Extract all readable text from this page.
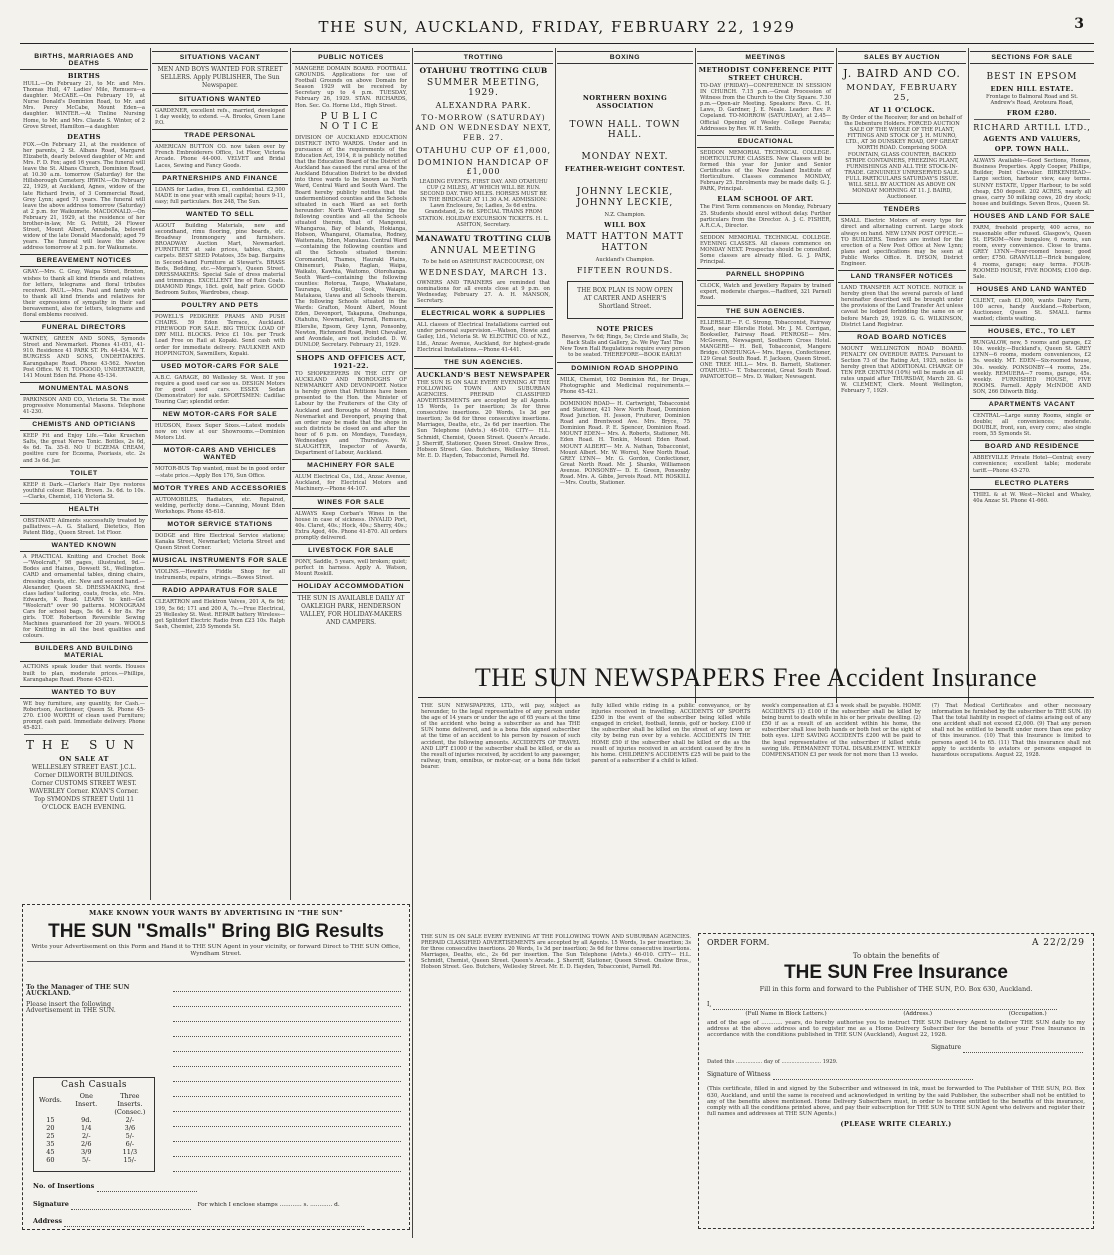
THE SUN, AUCKLAND, FRIDAY, FEBRUARY 22, 1929	3
BIRTHS, MARRIAGES AND DEATHS
BIRTHS
HULL.—On February 21, to Mr. and Mrs. Thomas Hull, 47 Ladies' Mile, Remuera—a daughter. McCABE.—On February 19, at Nurse Donald's Dominion Road, to Mr. and Mrs. Percy McCabe, Mount Eden—a daughter. WINTER.—At Tinline Nursing Home, to Mr. and Mrs. Claude S. Winter, of 2 Grove Street, Hamilton—a daughter.
DEATHS
FOX.—On February 21, at the residence of her parents, 2 St. Albans Road, Margaret Elizabeth, dearly beloved daughter of Mr. and Mrs. F. D. Fox; aged 16 years. The funeral will leave the St. Albans Church, Dominion Road, at 10.30 a.m. tomorrow (Saturday) for the Hillsborough Cemetery. IRWIN.—On February 22, 1929, at Auckland, Agnes, widow of the late Richard Irwin, of 3 Commercial Road, Grey Lynn; aged 71 years. The funeral will leave the above address tomorrow (Saturday) at 2 p.m. for Waikumete. MACDONALD.—On February 21, 1929, at the residence of her brother-in-law, Mr. G. Pettitt, 24 Flower Street, Mount Albert, Annabella, beloved widow of the late Donald Macdonald; aged 79 years. The funeral will leave the above address tomorrow at 2 p.m. for Waikumete.
BEREAVEMENT NOTICES
GRAY.—Mrs. C. Gray, Waipa Street, Brixton, wishes to thank all kind friends and relatives for letters, telegrams and floral tributes received. PAUL.—Mrs. Paul and family wish to thank all kind friends and relatives for their expressions of sympathy in their sad bereavement, also for letters, telegrams and floral emblems received.
FUNERAL DIRECTORS
WATNEY, GREEN AND SONS, Symonds Street and Newmarket. Phones 41-051, 41-910. Residence 41 PARK ST. Ph. 44-434. W. T. BURGESS AND SONS, UNDERTAKERS. Karangahape Road. Phone 43-562. Newton Post Office. W. H. TOOGOOD, UNDERTAKER, 141 Mount Eden Rd. Phone 45-134.
MONUMENTAL MASONS
PARKINSON AND CO., Victoria St. The most progressive Monumental Masons. Telephone 41-230.
CHEMISTS AND OPTICIANS
KEEP Fit and Enjoy Life.—Take Kruschen Salts, the great Nerve Tonic. Bottles, 2s 6d, 4s 6d. Ta. 35-8. NO U ECZEMA CREAM, positive cure for Eczema, Psoriasis, etc. 2s and 3s 6d. Jar.
TOILET
KEEP it Dark.—Clarke's Hair Dye restores youthful colour. Black, Brown. 3s. 6d. to 10s.—Clarks, Chemist, 116 Victoria St.
HEALTH
OBSTINATE Ailments successfully treated by palliatives.—A. G. Stallard, Dietetics, Hon Patent Bldg., Queen Street. 1st Floor.
WANTED KNOWN
A PRACTICAL Knitting and Crochet Book—"Woolcraft," 98 pages, illustrated, 9d.—Bodes and Haines, Dowsett St., Wellington. CARD and ornamental tables, dining chairs, dressing chests, etc. New and second hand.—Alexander, Queen St. DRESSMAKING, first class ladies' tailoring, coats, frocks, etc. Mrs. Edwards, K Road. LEARN to knit—Get "Woolcraft" over 90 patterns. MONOGRAM Cars for school bags, 5s 6d. 4 for 8s. For girls. TOE Robertson Reversible Sewing Machines guaranteed for 20 years. WOOLS for Knitting in all the best qualities and colours.
BUILDERS AND BUILDING MATERIAL
ACTIONS speak louder that words. Houses built to plan, moderate prices.—Phillips, Karangahape Road. Phone 45-821.
WANTED TO BUY
WE buy furniture, any quantity, for Cash.—Robertson, Auctioneer, Queen St. Phone 45-270. £100 WORTH of clean used Furniture; prompt cash paid. Immediate delivery. Phone 45-821.
THE SUN
ON SALE AT
WELLESLEY STREET EAST. J.C.L. Corner DILWORTH BUILDINGS. Corner CUSTOMS STREET WEST. WAVERLEY Corner. KYAN'S Corner. Top SYMONDS STREET Until 11 O'CLOCK EACH EVENING.
SITUATIONS VACANT
MEN AND BOYS WANTED FOR STREET SELLERS. Apply PUBLISHER, The Sun Newspaper.
SITUATIONS WANTED
GARDENER, excellent refs., married, developed 1 day weekly, to extend. —A. Brooks, Green Lane P.O.
TRADE PERSONAL
AMERICAN BUTTON CO. now taken over by French Embroiderers Office, 1st Floor, Victoria Arcade. Phone 44-000. VELVET and Bridal Laces, Sewing and Fancy Goods.
PARTNERSHIPS AND FINANCE
LOANS for Ladies, from £1, confidential. £2,500 MADE in one year with small capital; hours 9-11, easy; full particulars. Box 248, The Sun.
WANTED TO SELL
AGOUT Building Materials, new and secondhand, rimu flooring, pine boards, etc. Broadway Ironmongery and furnishers. BROADWAY Auction Mart, Newmarket. FURNITURE at sale prices, tables, chairs, carpets. BEST SEED Potatoes, 35s bag. Bargains in Second-hand Furniture at Stewart's. BRASS Beds, Bedding, etc.—Morgan's, Queen Street. DRESSMAKERS: Special Sale of dress material and trimmings. EXCELLENT line of Rain Coats. DIAMOND Rings, 18ct. gold, half price. GOOD Bedroom Suites, Wardrobes, cheap.
POULTRY AND PETS
POWELL'S PEDIGREE PRAMS AND PUSH CHAIRS. 59 Edon Terrace, Auckland. FIREWOOD FOR SALE. BIG TRUCK LOAD OF DRY MILL BLOCKS. Price £1 10s. per Truck Load Free on Rail at Kopaki. Send cash with order for immediate delivery. FAULKNER AND HOPPINGTON, Sawmillers, Kopaki.
USED MOTOR-CARS FOR SALE
A.B.C. GARAGE, 80 Wellesley St. West. If you require a good used car see us. DESIGN Motors for good used cars. ESSEX Sedan (Demonstrator) for sale. SPORTSMEN: Cadillac Touring Car; splendid order.
NEW MOTOR-CARS FOR SALE
HUDSON, Essex Super Sixes.—Latest models now on view at our Showrooms.—Dominion Motors Ltd.
MOTOR-CARS AND VEHICLES WANTED
MOTOR-BUS Top wanted, must be in good order—state price.—Apply Box 176, Sun Office.
MOTOR TYRES AND ACCESSORIES
AUTOMOBILES, Radiators, etc. Repaired, welding, perfectly done.—Canning, Mount Eden Workshops. Phone 45-618.
MOTOR SERVICE STATIONS
DODGE and Hire Electrical Service stations; Kanaka Street, Newmarket; Victoria Street and Queen Street Corner.
MUSICAL INSTRUMENTS FOR SALE
VIOLINS.—Hewitt's Fiddle Shop for all instruments, repairs, strings.—Bowes Street.
RADIO APPARATUS FOR SALE
CLEARTRON and Elektron Valves, 201 A, 6s 9d; 199, 5s 6d; 171 and 200 A, 7s.—Frue Electrical, 25 Wellesley St. West. REPAIR battery Wireless—get Splitdorf Electric Radio from £23 10s. Ralph Sash, Chemist, 235 Symonds St.
PUBLIC NOTICES
MANGERE DOMAIN BOARD. FOOTBALL GROUNDS. Applications for use of Football Grounds on above Domain for Season 1929 will be received by Secretary up to 4 p.m. TUESDAY, February 26, 1929. STAN. RICHARDS, Hon. Sec. Co. Horne Ltd., High Street.
PUBLIC NOTICE
DIVISION OF AUCKLAND EDUCATION DISTRICT INTO WARDS. Under and in pursuance of the requirements of the Education Act, 1914, it is publicly notified that the Education Board of the District of Auckland has caused the rural area of the Auckland Education District to be divided into three wards to be known as North Ward, Central Ward and South Ward. The Board hereby publicly notifies that the undermentioned counties and the Schools situated in each Ward as set forth hereunder: North Ward—containing the following counties and all the Schools situated therein, that of Mangonui, Whangaroa, Bay of Islands, Hokianga, Hobson, Whangarei, Otamatea, Rodney, Waitemata, Eden, Manukau. Central Ward—containing the following counties and all the Schools situated therein: Coromandel, Thames, Hauraki Plains, Ohinemuri, Piako, Raglan, Waipa, Waikato, Kawhia, Waitomo, Otorohanga. South Ward—containing the following counties: Rotorua, Taupo, Whakatane, Tauranga, Opotiki, Cook, Waiapu, Matakaoa, Uawa and all Schools therein. The following Schools situated in the Wards: Grafton, Mount Albert, Mount Eden, Devonport, Takapuna, Onehunga, Otahuhu, Newmarket, Parnell, Remuera, Ellerslie, Epsom, Grey Lynn, Ponsonby, Newton, Richmond Road, Point Chevalier, and Avondale, are not included. D. W. DUNLOP, Secretary. February 21, 1929.
SHOPS AND OFFICES ACT, 1921-22.
TO SHOPKEEPERS IN THE CITY OF AUCKLAND AND BOROUGHS OF NEWMARKET AND DEVONPORT. Notice is hereby given that Petitions have been presented to the Hon. the Minister of Labour by the Fruiterers of the City of Auckland and Boroughs of Mount Eden, Newmarket and Devonport, praying that an order may be made that the shops in such districts be closed on and after the hour of 6 p.m. on Mondays, Tuesdays, Wednesdays and Thursdays. W. SLAUGHTER, Inspector of Awards, Department of Labour, Auckland.
MACHINERY FOR SALE
ALUM Electrical Co., Ltd., Anzac Avenue, Auckland, for Electrical Motors and Machinery.—Phone 44-107.
WINES FOR SALE
ALWAYS Keep Corban's Wines in the house in case of sickness. INVALID Port, 40s. Claret, 40s.; Hock, 40s.; Sherry, 40s.; Extra Aged, 40s. Phone 41-870. All orders promptly delivered.
LIVESTOCK FOR SALE
PONY, Saddle, 5 years, well broken; quiet; perfect in harness. Apply A. Watson, Mount Roskill.
HOLIDAY ACCOMMODATION
THE SUN IS AVAILABLE DAILY AT OAKLEIGH PARK, HENDERSON VALLEY, FOR HOLIDAY-MAKERS AND CAMPERS.
TROTTING
OTAHUHU TROTTING CLUB
SUMMER MEETING, 1929.
ALEXANDRA PARK.
TO-MORROW (SATURDAY) AND ON WEDNESDAY NEXT, FEB. 27.
OTAHUHU CUP OF £1,000,
DOMINION HANDICAP OF £1,000
LEADING EVENTS. FIRST DAY. AND OTAHUHU CUP (2 MILES), AT WHICH WILL BE RUN. SECOND DAY. TWO MILES. HORSES MUST BE IN THE BIRDCAGE AT 11.30 A.M. ADMISSION: Lawn Enclosure, 5s; Ladies, 3s 6d extra. Grandstand, 2s 6d. SPECIAL TRAINS FROM STATION. HOLIDAY EXCURSION TICKETS. H. L. ASHTON, Secretary.
MANAWATU TROTTING CLUB
ANNUAL MEETING
To be held on ASHHURST RACECOURSE, ON
WEDNESDAY, MARCH 13.
OWNERS AND TRAINERS are reminded that nominations for all events close at 9 p.m. on Wednesday, February 27. A. H. MANSON, Secretary.
ELECTRICAL WORK & SUPPLIES
ALL classes of Electrical Installations carried out under personal supervision.—Watson, Howie and Gailey, Ltd., Victoria St. W. ELECTRIC CO. of N.Z., Ltd., Anzac Avenue, Auckland, for highest-grade Electrical Installations.—Phone 41-441.
THE SUN AGENCIES.
AUCKLAND'S BEST NEWSPAPER
THE SUN IS ON SALE EVERY EVENING AT THE FOLLOWING TOWN AND SUBURBAN AGENCIES. PREPAID CLASSIFIED ADVERTISEMENTS are accepted by all Agents. 15 Words, 1s per insertion; 3s for three consecutive insertions. 20 Words, 1s 3d per insertion; 3s 6d for three consecutive insertions. Marriages, Deaths, etc., 2s 6d per insertion. The Sun Telephone (Advts.) 46-010. CITY— H.L. Schmidt, Chemist, Queen Street. Queen's Arcade. J. Sherriff, Stationer, Queen Street. Onslow Bros., Hobson Street. Geo. Butchers, Wellesley Street. Mr. E. D. Hayden, Tobacconist, Parnell Rd.
BOXING
NORTHERN BOXING ASSOCIATION
TOWN HALL. TOWN HALL.
MONDAY NEXT.
FEATHER-WEIGHT CONTEST.
JOHNNY LECKIE, JOHNNY LECKIE,
N.Z. Champion.
WILL BOX
MATT HATTON MATT HATTON
Auckland's Champion.
FIFTEEN ROUNDS.
THE BOX PLAN IS NOW OPEN AT CARTER AND ASHER'S Shortland Street.
NOTE PRICES
Reserves, 7s 6d; Rings, 5s; Circle and Stalls, 3s; Back Stalls and Gallery, 2s. We Pay Tax! The New Town Hall Regulations require every person to be seated. THEREFORE—BOOK EARLY!
DOMINION ROAD SHOPPING
MILK, Chemist, 102 Dominion Rd., for Drugs, Photographic and Medicinal requirements.—Phone 45-421.
DOMINION ROAD— H. Cartwright, Tobacconist and Stationer, 421 New North Road, Dominion Road Junction. H. Jesson, Fruiterer, Dominion Road and Brentwood Ave. Mrs. Bryce, 75 Dominion Road. P. E. Spencer, Dominion Road. MOUNT EDEN— Mrs. A. Roberts, Stationer, Mt. Eden Road. H. Tonkin, Mount Eden Road. MOUNT ALBERT— Mr. A. Nathan, Tobacconist, Mount Albert. Mr. W. Worrel, New North Road. GREY LYNN— Mr. G. Gordon, Confectioner, Great North Road. Mr. J. Shanks, Williamson Avenue. PONSONBY— D. E. Green, Ponsonby Road. Mrs. A. Gibbs, Jervois Road. MT. ROSKILL—Mrs. Coutts, Stationer.
MEETINGS
METHODIST CONFERENCE PITT STREET CHURCH.
TO-DAY (FRIDAY)—CONFERENCE IN SESSION IN CHURCH. 7.15 p.m.—Great Procession of Witness from the Church to the City Square. 7.30 p.m.—Open-air Meeting. Speakers: Revs. C. H. Laws, D. Gardner, J. E. Neale. Leader: Rev. P. Copeland. TO-MORROW (SATURDAY), at 2.45—Official Opening of Wesley College Paerata; Addresses by Rev. W. H. Smith.
EDUCATIONAL
SEDDON MEMORIAL TECHNICAL COLLEGE. HORTICULTURE CLASSES. New Classes will be formed this year for Junior and Senior Certificates of the New Zealand Institute of Horticulture. Classes commence MONDAY, February 25. Enrolments may be made daily. G. J. PARK, Principal.
ELAM SCHOOL OF ART.
The First Term commences on Monday, February 25. Students should enrol without delay. Further particulars from the Director. A. J. C. FISHER, A.R.C.A., Director.
SEDDON MEMORIAL TECHNICAL COLLEGE. EVENING CLASSES. All classes commence on MONDAY NEXT. Prospectus should be consulted. Some classes are already filled. G. J. PARK, Principal.
PARNELL SHOPPING
CLOCK, Watch and Jewellery Repairs by trained expert, moderate charges.—Radford, 321 Parnell Road.
THE SUN AGENCIES.
ELLERSLIE— F. C. Strong, Tobacconist, Fairway Road, near Ellerslie Hotel. Mr. J. M. Corrigan, Bookseller, Fairway Road. PENROSE— Mrs. McGovern, Newsagent, Southern Cross Hotel. MANGERE— H. Bell, Tobacconist, Mangere Bridge. ONEHUNGA— Mrs. Hayes, Confectioner, 129 Great South Road. F. Jackson, Queen Street. ONE TREE HILL— Mrs. B. Barnett, Stationer. OTAHUHU— T. Tobacconist, Great South Road. PAPATOETOE— Mrs. D. Walker, Newsagent.
SALES BY AUCTION
J. BAIRD AND CO.
MONDAY, FEBRUARY 25,
AT 11 O'CLOCK.
By Order of the Receiver, for and on behalf of the Debenture Holders. FORCED AUCTION SALE OF THE WHOLE OF THE PLANT, FITTINGS AND STOCK OF J. H. MUNRO, LTD., AT 36 DUNSKEY ROAD, OFF GREAT NORTH ROAD. Comprising SODA FOUNTAIN, GLASS COUNTER, BACKED STRIPE CONTAINERS, FREEZING PLANT, FURNISHINGS AND ALL THE STOCK-IN-TRADE. GENUINELY UNRESERVED SALE. FULL PARTICULARS SATURDAY'S ISSUE. WILL SELL BY AUCTION AS ABOVE ON MONDAY MORNING AT 11. J. BAIRD, Auctioneer.
TENDERS
SMALL Electric Motors of every type for direct and alternating current. Large stock always on hand. NEW LYNN POST OFFICE.—TO BUILDERS. Tenders are invited for the erection of a New Post Office at New Lynn; plans and specifications may be seen at Public Works Office. R. DYSON, District Engineer.
LAND TRANSFER NOTICES
LAND TRANSFER ACT NOTICE. NOTICE is hereby given that the several parcels of land hereinafter described will be brought under the provisions of the Land Transfer Act unless caveat be lodged forbidding the same on or before March 29, 1929. G. G. WILKINSON, District Land Registrar.
ROAD BOARD NOTICES
MOUNT WELLINGTON ROAD BOARD. PENALTY ON OVERDUE RATES. Pursuant to Section 73 of the Rating Act, 1925, notice is hereby given that ADDITIONAL CHARGE OF TEN PER CENTUM (10%) will be made on all rates unpaid after THURSDAY, March 28. G. W. CLEMENT, Clerk. Mount Wellington, February 7, 1929.
SECTIONS FOR SALE
BEST IN EPSOM
EDEN HILL ESTATE.
Frontage to Balmoral Road and St. Andrew's Road, Aroteura Road,
FROM £280.
RICHARD ARTILL LTD.,
AGENTS AND VALUERS,
OPP. TOWN HALL.
ALWAYS Available—Good Sections, Homes, Business Properties. Apply Cooper, Phillips, Builder, Point Chevalier. BIRKENHEAD—Large section, harbour view, easy terms. SUNNY ESTATE, Upper Harbour, to be sold cheap, £50 deposit. 202 ACRES, nearly all grass, carry 50 milking cows, 20 dry stock; house and buildings. Seven Bros., Queen St.
HOUSES AND LAND FOR SALE
FARM, freehold property, 400 acres, no reasonable offer refused. Glasgow's, Queen St. EPSOM—New bungalow, 6 rooms, sun room, every convenience. Close to trams. GREY LYNN—Four-roomed house; good order; £750. GRANVILLE—Brick bungalow, 4 rooms, garage; easy terms. FOUR-ROOMED HOUSE, FIVE ROOMS; £100 dep. Sale.
HOUSES AND LAND WANTED
CLIENT, cash £1,000, wants Dairy Farm, 100 acres, handy Auckland.—Robertson, Auctioneer, Queen St. SMALL farms wanted; clients waiting.
HOUSES, ETC., TO LET
BUNGALOW, new, 5 rooms and garage, £2 10s. weekly.—Buckland's, Queen St. GREY LYNN—6 rooms, modern conveniences, £2 5s. weekly. MT. EDEN—Six-roomed house, 30s. weekly. PONSONBY—4 rooms, 25s. weekly. REMUERA—7 rooms, garage, 45s. weekly. FURNISHED HOUSE, FIVE ROOMS. Parnell. Apply McINDOE AND SON, 266 Dilworth Bldg.
APARTMENTS VACANT
CENTRAL—Large sunny Rooms, single or double; all conveniences; moderate. DOUBLE, front, sun, every conv.; also single room, 55 Symonds St.
BOARD AND RESIDENCE
ABBEYVILLE Private Hotel—Central; every convenience; excellent table; moderate tariff.—Phone 45-270.
ELECTRO PLATERS
THIEL & at W. West—Nickel and Whaley, 40a Anzac St. Phone 41-660.
MAKE KNOWN YOUR WANTS BY ADVERTISING IN "THE SUN"
THE SUN "Smalls" Bring BIG Results
Write your Advertisement on this Form and Hand it to THE SUN Agent in your vicinity, or forward Direct to THE SUN Office, Wyndham Street.
To the Manager of THE SUN AUCKLAND.
Please insert the following Advertisement in THE SUN.
Cash Casuals
Words.	One Insert.	Three Inserts.
		(Consec.)
15	9d.	2/-
20	1/4	3/6
25	2/-	5/-
35	2/6	6/-
45	3/9	11/3
60	5/-	15/-
No. of Insertions
Signature	For which I enclose stamps ............ s. ............ d.
Address
THE SUN NEWSPAPERS Free Accident Insurance
THE SUN NEWSPAPERS, LTD., will pay, subject as hereunder, to the legal representative of any person under the age of 14 years or under the age of 65 years at the time of the accident who being a subscriber as and has THE SUN home delivered, and is a bona fide signed subscriber at the time of an accident to his person by reason of such accident, the following amounts. ACCIDENTS OF TRAVEL AND LIFT £1000 if the subscriber shall be killed, or die as the result of injuries received, by accident to any passenger, railway, tram, omnibus, or motor-car, or a bona fide ticket bearer.
fully killed while riding in a public conveyance, or by injuries received in travelling. ACCIDENTS OF SPORTS £250 in the event of the subscriber being killed while engaged in cricket, football, tennis, golf or hockey. £100 if the subscriber shall be killed on the street of any town or city by being run over by a vehicle. ACCIDENTS IN THE HOME £50 if the subscriber shall be killed or die as the result of injuries received in an accident caused by fire in his home. CHILDREN'S ACCIDENTS £25 will be paid to the parent of a subscriber if a child is killed.
week's compensation at £3 a week shall be payable. HOME ACCIDENTS (1) £100 if the subscriber shall be killed by being burnt to death while in his or her private dwelling. (2) £50 if as a result of an accident within his home, the subscriber shall lose both hands or both feet or the sight of both eyes. LIFE SAVING ACCIDENTS £200 will be paid to the legal representative of the subscriber if killed while saving life. PERMANENT TOTAL DISABLEMENT. WEEKLY COMPENSATION £3 per week for not more than 13 weeks.
(7) That Medical Certificates and other necessary information be furnished by the subscriber to THE SUN. (8) That the total liability in respect of claims arising out of any one accident shall not exceed £2,000. (9) That any person shall not be entitled to benefit under more than one policy of this insurance. (10) That this Insurance is limited to persons aged 14 to 65. (11) That this insurance shall not apply to accidents to aviators or persons engaged in hazardous occupations. August 22, 1928.
THE SUN IS ON SALE EVERY EVENING AT THE FOLLOWING TOWN AND SUBURBAN AGENCIES. PREPAID CLASSIFIED ADVERTISEMENTS are accepted by all Agents. 15 Words, 1s per insertion; 3s for three consecutive insertions. 20 Words, 1s 3d per insertion; 3s 6d for three consecutive insertions. Marriages, Deaths, etc., 2s 6d per insertion. The Sun Telephone (Advts.) 46-010. CITY— H.L. Schmidt, Chemist, Queen Street. Queen's Arcade. J. Sherriff, Stationer, Queen Street. Onslow Bros., Hobson Street. Geo. Butchers, Wellesley Street. Mr. E. D. Hayden, Tobacconist, Parnell Rd.
ORDER FORM.	A 22/2/29
To obtain the benefits of
THE SUN Free Insurance
Fill in this form and forward to the Publisher of THE SUN, P.O. Box 630, Auckland.
I,
(Full Name in Block Letters.)	(Address.)	(Occupation.)
and of the age of ............ years, do hereby authorise you to instruct THE SUN Delivery Agent to deliver THE SUN daily to my address at the above address and to register me as a Home Delivery Subscriber for the benefits of your Free Insurance in accordance with the conditions published in THE SUN (Auckland), August 22, 1928.
Signature
Dated this ................ day of ........................ 1929.
Signature of Witness
(This certificate, filled in and signed by the Subscriber and witnessed in ink, must be forwarded to The Publisher of THE SUN, P.O. Box 630, Auckland, and until the same is received and acknowledged in writing by the said Publisher, the subscriber shall not be entitled to any of the benefits above mentioned. Home Delivery Subscribers must, in order to become entitled to the benefits of this insurance, comply with all the conditions printed above, and pay their subscription for THE SUN to THE SUN Agent who delivers and register their full names and addresses at THE SUN Agents.)
(PLEASE WRITE CLEARLY.)
